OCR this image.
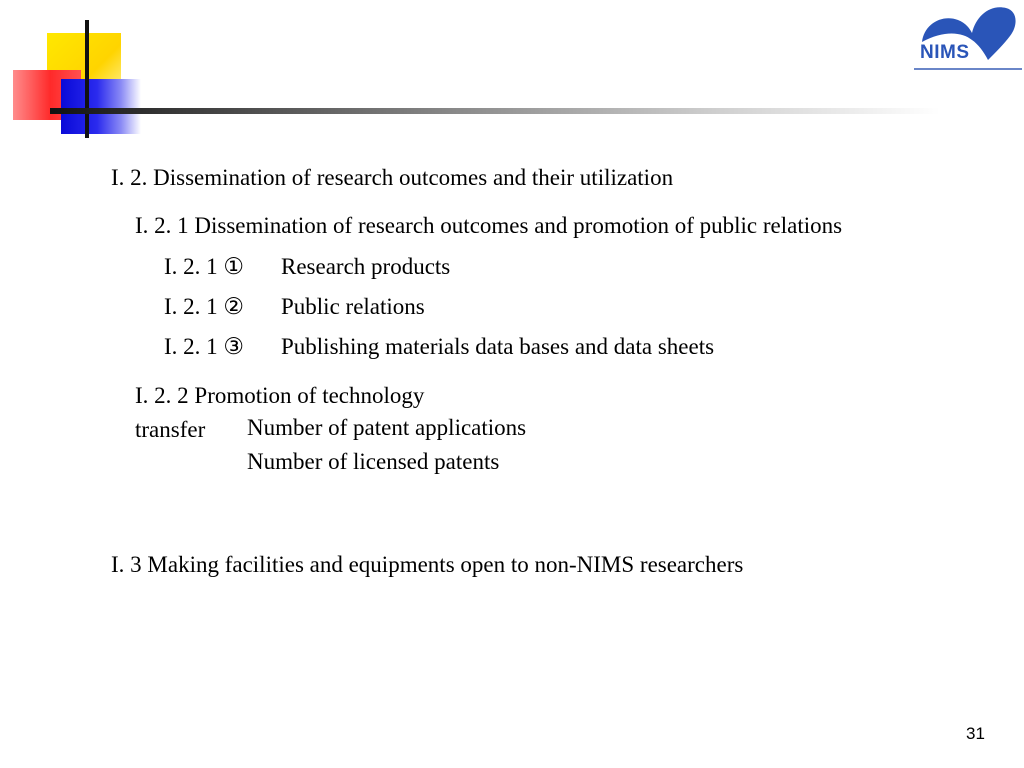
NIMS
I. 2. Dissemination of research outcomes and their utilization
I. 2. 1 Dissemination of research outcomes and promotion of public relations
I. 2. 1 ① Research products
I. 2. 1 ② Public relations
I. 2. 1 ③ Publishing materials data bases and data sheets
I. 2. 2 Promotion of technology
transfer Number of patent applications
Number of licensed patents
I. 3 Making facilities and equipments open to non-NIMS researchers
31
